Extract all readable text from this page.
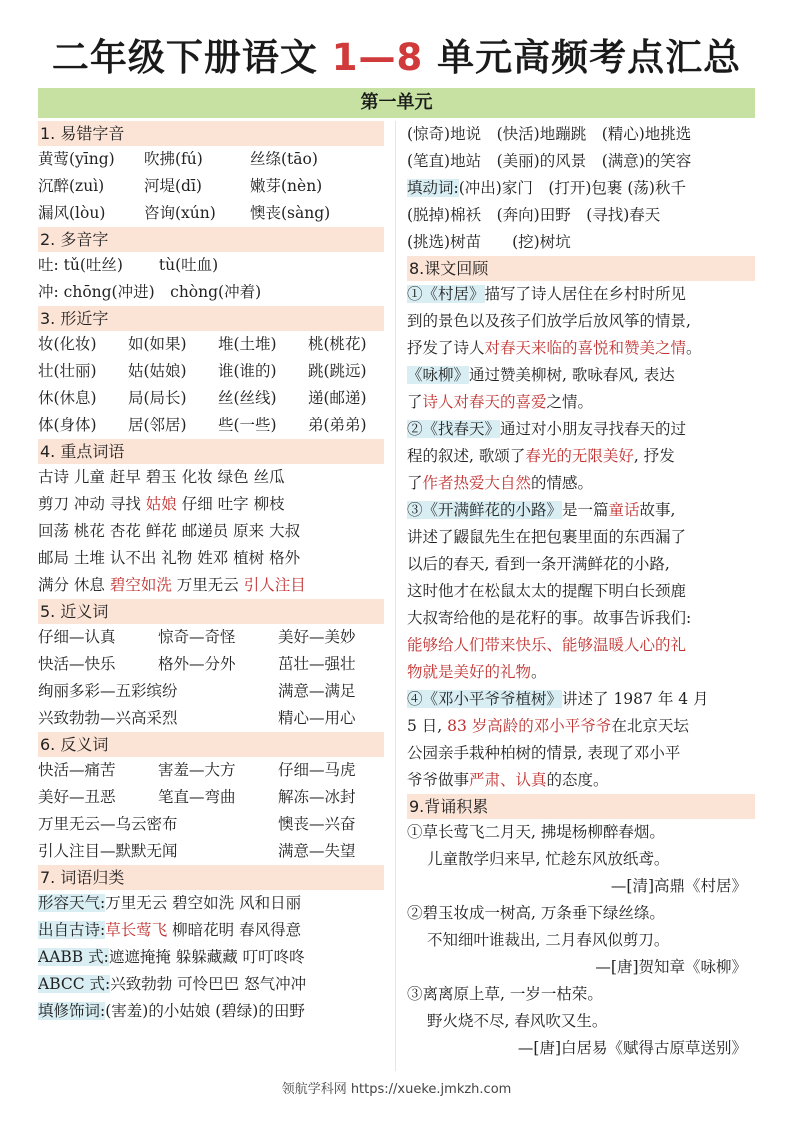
二年级下册语文 1—8 单元高频考点汇总
第一单元
1. 易错字音
黄莺(yīng) 吹拂(fú)	丝绦(tāo)
沉醉(zuì)	河堤(dī)	嫩芽(nèn)
漏风(lòu) 咨询(xún) 懊丧(sàng)
2. 多音字
吐: tǔ(吐丝)　　 tù(吐血)
冲: chōng(冲进)　chòng(冲着)
3. 形近字
妆(化妆) 如(如果) 堆(土堆) 桃(桃花)
壮(壮丽) 姑(姑娘) 谁(谁的) 跳(跳远)
休(休息) 局(局长) 丝(丝线) 递(邮递)
体(身体) 居(邻居) 些(一些) 弟(弟弟)
4. 重点词语
古诗 儿童 赶早 碧玉 化妆 绿色 丝瓜
剪刀 冲动 寻找 姑娘 仔细 吐字 柳枝
回荡 桃花 杏花 鲜花 邮递员 原来 大叔
邮局 土堆 认不出 礼物 姓邓 植树 格外
满分 休息 碧空如洗 万里无云 引人注目
5. 近义词
仔细—认真	惊奇—奇怪	美好—美妙
快活—快乐	格外—分外	茁壮—强壮
绚丽多彩—五彩缤纷	满意—满足
兴致勃勃—兴高采烈	精心—用心
6. 反义词
快活—痛苦	害羞—大方	仔细—马虎
美好—丑恶	笔直—弯曲	解冻—冰封
万里无云—乌云密布	懊丧—兴奋
引人注目—默默无闻	满意—失望
7. 词语归类
形容天气:万里无云 碧空如洗 风和日丽
出自古诗:草长莺飞 柳暗花明 春风得意
AABB 式:遮遮掩掩 躲躲藏藏 叮叮咚咚
ABCC 式:兴致勃勃 可怜巴巴 怒气冲冲
填修饰词:(害羞)的小姑娘 (碧绿)的田野
(惊奇)地说　(快活)地蹦跳　(精心)地挑选
(笔直)地站　(美丽)的风景　(满意)的笑容
填动词:(冲出)家门　(打开)包裹 (荡)秋千
(脱掉)棉袄　(奔向)田野　(寻找)春天
(挑选)树苗　　(挖)树坑
8.课文回顾
①《村居》描写了诗人居住在乡村时所见
到的景色以及孩子们放学后放风筝的情景,
抒发了诗人对春天来临的喜悦和赞美之情。
《咏柳》通过赞美柳树, 歌咏春风, 表达
了诗人对春天的喜爱之情。
②《找春天》通过对小朋友寻找春天的过
程的叙述, 歌颂了春光的无限美好, 抒发
了作者热爱大自然的情感。
③《开满鲜花的小路》是一篇童话故事,
讲述了鼹鼠先生在把包裹里面的东西漏了
以后的春天, 看到一条开满鲜花的小路,
这时他才在松鼠太太的提醒下明白长颈鹿
大叔寄给他的是花籽的事。故事告诉我们:
能够给人们带来快乐、能够温暖人心的礼
物就是美好的礼物。
④《邓小平爷爷植树》讲述了 1987 年 4 月
5 日, 83 岁高龄的邓小平爷爷在北京天坛
公园亲手栽种柏树的情景, 表现了邓小平
爷爷做事严肃、认真的态度。
9.背诵积累
①草长莺飞二月天, 拂堤杨柳醉春烟。
儿童散学归来早, 忙趁东风放纸鸢。
—[清]高鼎《村居》
②碧玉妆成一树高, 万条垂下绿丝绦。
不知细叶谁裁出, 二月春风似剪刀。
—[唐]贺知章《咏柳》
③离离原上草, 一岁一枯荣。
野火烧不尽, 春风吹又生。
—[唐]白居易《赋得古原草送别》
领航学科网 https://xueke.jmkzh.com
